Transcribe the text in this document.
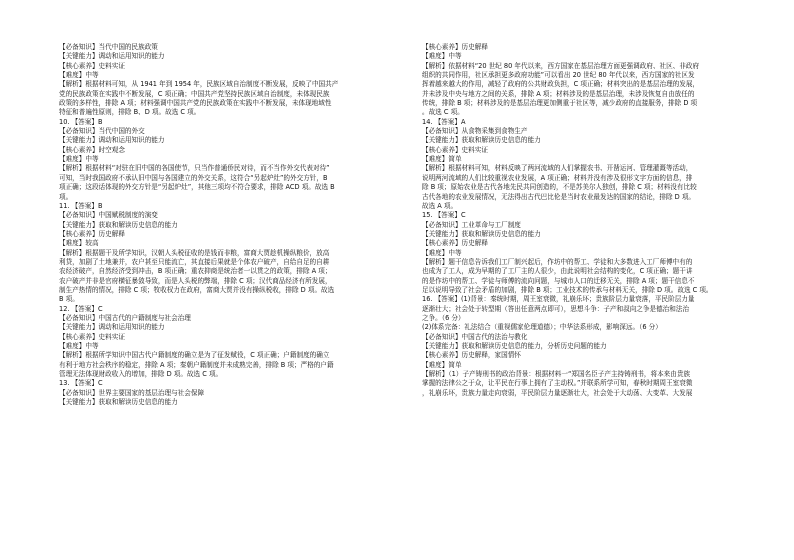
【必备知识】当代中国的民族政策
【关键能力】调动和运用知识的能力
【核心素养】史料实证
【难度】中等
【解析】根据材料可知，从 1941 年到 1954 年，民族区域自治制度不断发展，反映了中国共产
党的民族政策在实践中不断发展，C 项正确；中国共产党坚持民族区域自治制度，未体现民族
政策的多样性，排除 A 项；材料强调中国共产党的民族政策在实践中不断发展，未体现地域性
特征和普遍性原则，排除 B、D 项。故选 C 项。
10. 【答案】B
【必备知识】当代中国的外交
【关键能力】调动和运用知识的能力
【核心素养】时空观念
【难度】中等
【解析】根据材料“对驻在旧中国的各国使节，只当作普通侨民对待，而不当作外交代表对待”
可知，当时我国政府不承认旧中国与各国建立的外交关系，这符合“另起炉灶”的外交方针，B
项正确；这段话体现的外交方针是“另起炉灶”，其他三项均不符合要求，排除 ACD 项。故选 B
项。
11. 【答案】B
【必备知识】中国赋税制度的演变
【关键能力】获取和解读历史信息的能力
【核心素养】历史解释
【难度】较高
【解析】根据题干及所学知识，汉朝人头税征收的是钱而非粮，富商大贾趁机操纵粮价，放高
利贷，加剧了土地兼并，农户甚至只能流亡，其直接后果就是个体农户破产，自给自足的自耕
农经济破产，自然经济受到冲击，B 项正确；重农抑商是统治者一以贯之的政策，排除 A 项；
农户破产并非是官府横征暴敛导致，而是人头税的弊端，排除 C 项；汉代商品经济有所发展，
制生产热情的情况，排除 C 项；牧收权力在政府，富商大贾并没有操纵税收，排除 D 项。故选
B 项。
12. 【答案】C
【必备知识】中国古代的户籍制度与社会治理
【关键能力】调动和运用知识的能力
【核心素养】史料实证
【难度】中等
【解析】根据所学知识中国古代户籍制度的确立是为了征发赋役，C 项正确；户籍制度的确立
有利于地方社会秩序的稳定，排除 A 项；秦朝户籍制度并未成熟完善，排除 B 项；严格的户籍
管理无法体现财政收入的增加，排除 D 项。故选 C 项。
13. 【答案】C
【必备知识】世界主要国家的基层治理与社会保障
【关键能力】获取和解读历史信息的能力
【核心素养】历史解释
【难度】中等
【解析】依据材料“20 世纪 80 年代以来，西方国家在基层治理方面更强调政府、社区、非政府
组织的共同作用，社区承担更多政府功能”可以看出 20 世纪 80 年代以来，西方国家的社区发
挥着越来越大的作用，减轻了政府的公共财政负担，C 项正确；材料突出的是基层治理的发展，
并未涉及中央与地方之间的关系，排除 A 项；材料涉及的是基层治理，未涉及恢复自由放任的
传统，排除 B 项；材料涉及的是基层治理更加侧重于社区等，减少政府的直接服务，排除 D 项
。故选 C 项。
14. 【答案】A
【必备知识】从食物采集到食物生产
【关键能力】获取和解读历史信息的能力
【核心素养】史料实证
【难度】简单
【解析】根据材料可知，材料反映了两河流域的人们掌握农书、开凿运河、管理灌溉等活动，
说明两河流域的人们比较重视农业发展，A 项正确；材料并没有涉及很形文字方面的信息，排
除 B 项；原始农业是古代各地先民共同创造的，不是苏美尔人独创，排除 C 项；材料没有比较
古代各地的农业发展情况，无法得出古代巴比伦是当时农业最发达的国家的结论，排除 D 项。
故选 A 项。
15. 【答案】C
【必备知识】工业革命与工厂制度
【关键能力】获取和解读历史信息的能力
【核心素养】历史解释
【难度】中等
【解析】题干信息告诉我们工厂制兴起后，作坊中的帮工、学徒和大多数进入工厂师傅中有的
也成为了工人，成为早期的了工厂主的人很少，由此说明社会结构的变化，C 项正确；题干讲
的是作坊中的帮工、学徒与师傅的流向问题，与城市人口的迁移无关，排除 A 项；题干信息不
足以说明导致了社会矛盾的加剧，排除 B 项；工业技术的传承与材料无关，排除 D 项。故选 C 项。
16. 【答案】(1)背景：秦统时期，周王室衰微，礼崩乐坏；贵族阶层力量衰落，平民阶层力量
逐渐壮大；社会处于转型期（答出任意两点即可），思想斗争：子产和叔向之争是德治和法治
之争。（6 分）
(2)体系完备：礼法结合（重视儒家伦理道德）；中华法系形成，影响深远。（6 分）
【必备知识】中国古代的法治与教化
【关键能力】获取和解读历史信息的能力，分析历史问题的能力
【核心素养】历史解释，家国情怀
【难度】简单
【解析】（1）子产铸刑书的政治背景：根据材料一“郑国名臣子产主持铸刑书，将本来由贵族
掌握的法律公之于众，让平民在行事上拥有了主动权。”并联系所学可知，春秋时期周王室衰微
，礼崩乐坏，贵族力量走向衰弱，平民阶层力量逐渐壮大，社会处于大动荡、大变革、大发展
